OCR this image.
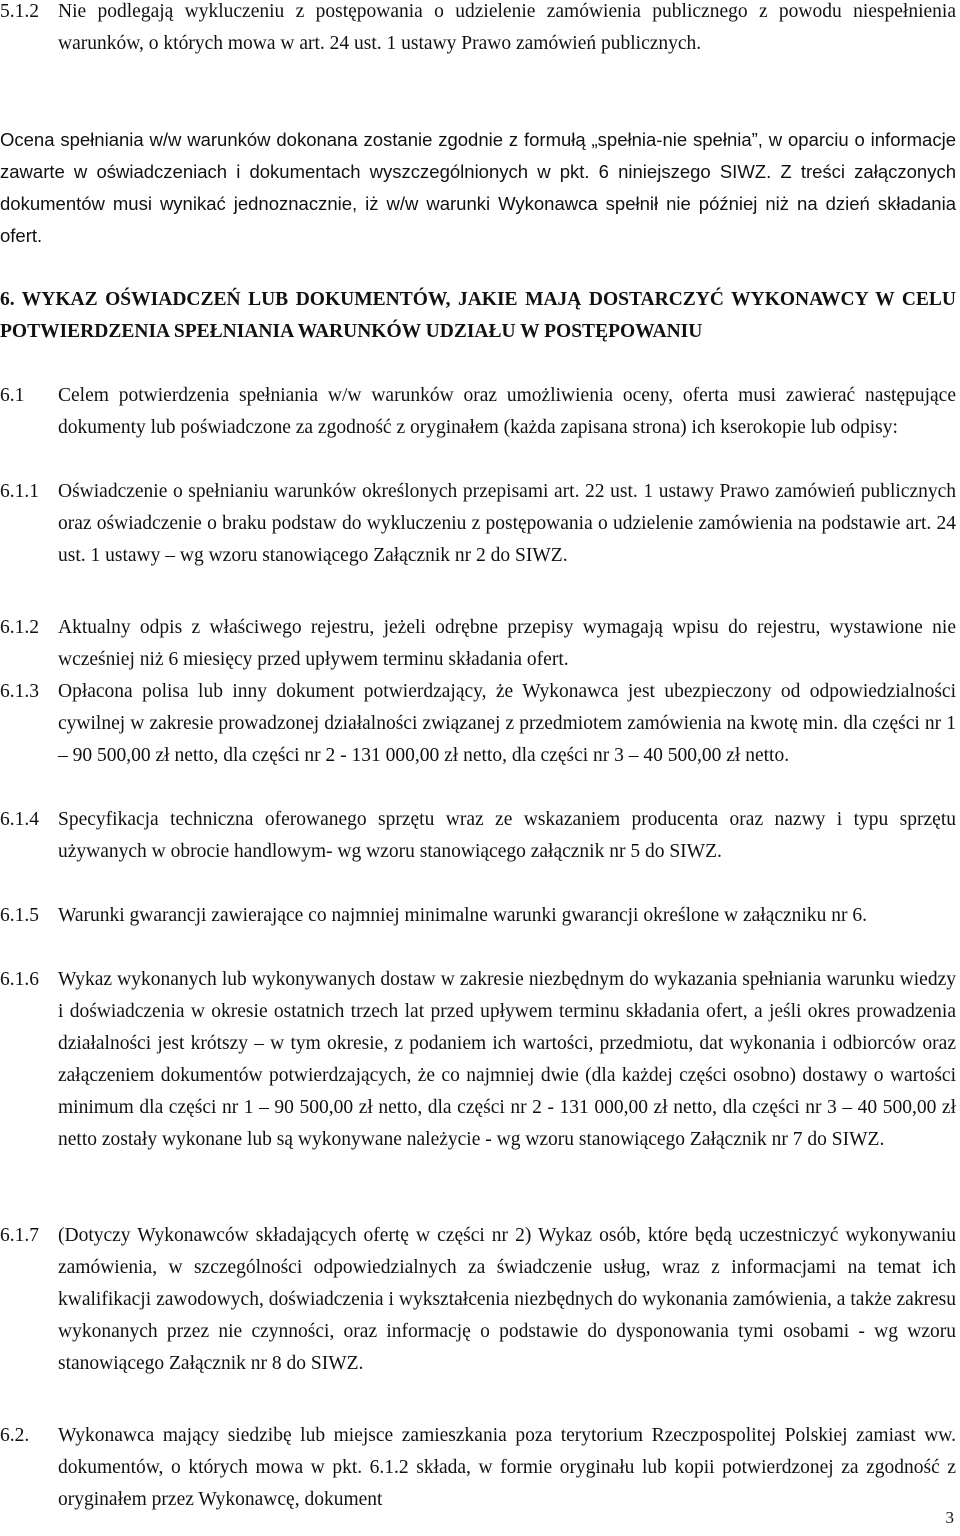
5.1.2 Nie podlegają wykluczeniu z postępowania o udzielenie zamówienia publicznego z powodu niespełnienia warunków, o których mowa w art. 24 ust. 1 ustawy Prawo zamówień publicznych.
Ocena spełniania w/w warunków dokonana zostanie zgodnie z formułą „spełnia-nie spełnia”, w oparciu o informacje zawarte w oświadczeniach i dokumentach wyszczególnionych w pkt. 6 niniejszego SIWZ. Z treści załączonych dokumentów musi wynikać jednoznacznie, iż w/w warunki Wykonawca spełnił nie później niż na dzień składania ofert.
6. WYKAZ OŚWIADCZEŃ LUB DOKUMENTÓW, JAKIE MAJĄ DOSTARCZYĆ WYKONAWCY W CELU POTWIERDZENIA SPEŁNIANIA WARUNKÓW UDZIAŁU W POSTĘPOWANIU
6.1 Celem potwierdzenia spełniania w/w warunków oraz umożliwienia oceny, oferta musi zawierać następujące dokumenty lub poświadczone za zgodność z oryginałem (każda zapisana strona) ich kserokopie lub odpisy:
6.1.1 Oświadczenie o spełnianiu warunków określonych przepisami art. 22 ust. 1 ustawy Prawo zamówień publicznych oraz oświadczenie o braku podstaw do wykluczeniu z postępowania o udzielenie zamówienia na podstawie art. 24 ust. 1 ustawy – wg wzoru stanowiącego Załącznik nr 2 do SIWZ.
6.1.2 Aktualny odpis z właściwego rejestru, jeżeli odrębne przepisy wymagają wpisu do rejestru, wystawione nie wcześniej niż 6 miesięcy przed upływem terminu składania ofert.
6.1.3 Opłacona polisa lub inny dokument potwierdzający, że Wykonawca jest ubezpieczony od odpowiedzialności cywilnej w zakresie prowadzonej działalności związanej z przedmiotem zamówienia na kwotę min. dla części nr 1 – 90 500,00 zł netto, dla części nr 2 - 131 000,00 zł netto, dla części nr 3 – 40 500,00 zł netto.
6.1.4 Specyfikacja techniczna oferowanego sprzętu wraz ze wskazaniem producenta oraz nazwy i typu sprzętu używanych w obrocie handlowym- wg wzoru stanowiącego załącznik nr 5 do SIWZ.
6.1.5 Warunki gwarancji zawierające co najmniej minimalne warunki gwarancji określone w załączniku nr 6.
6.1.6 Wykaz wykonanych lub wykonywanych dostaw w zakresie niezbędnym do wykazania spełniania warunku wiedzy i doświadczenia w okresie ostatnich trzech lat przed upływem terminu składania ofert, a jeśli okres prowadzenia działalności jest krótszy – w tym okresie, z podaniem ich wartości, przedmiotu, dat wykonania i odbiorców oraz załączeniem dokumentów potwierdzających, że co najmniej dwie (dla każdej części osobno) dostawy o wartości minimum dla części nr 1 – 90 500,00 zł netto, dla części nr 2 - 131 000,00 zł netto, dla części nr 3 – 40 500,00 zł netto zostały wykonane lub są wykonywane należycie - wg wzoru stanowiącego Załącznik nr 7 do SIWZ.
6.1.7 (Dotyczy Wykonawców składających ofertę w części nr 2) Wykaz osób, które będą uczestniczyć wykonywaniu zamówienia, w szczególności odpowiedzialnych za świadczenie usług, wraz z informacjami na temat ich kwalifikacji zawodowych, doświadczenia i wykształcenia niezbędnych do wykonania zamówienia, a także zakresu wykonanych przez nie czynności, oraz informację o podstawie do dysponowania tymi osobami - wg wzoru stanowiącego Załącznik nr 8 do SIWZ.
6.2. Wykonawca mający siedzibę lub miejsce zamieszkania poza terytorium Rzeczpospolitej Polskiej zamiast ww. dokumentów, o których mowa w pkt. 6.1.2 składa, w formie oryginału lub kopii potwierdzonej za zgodność z oryginałem przez Wykonawcę, dokument
3
